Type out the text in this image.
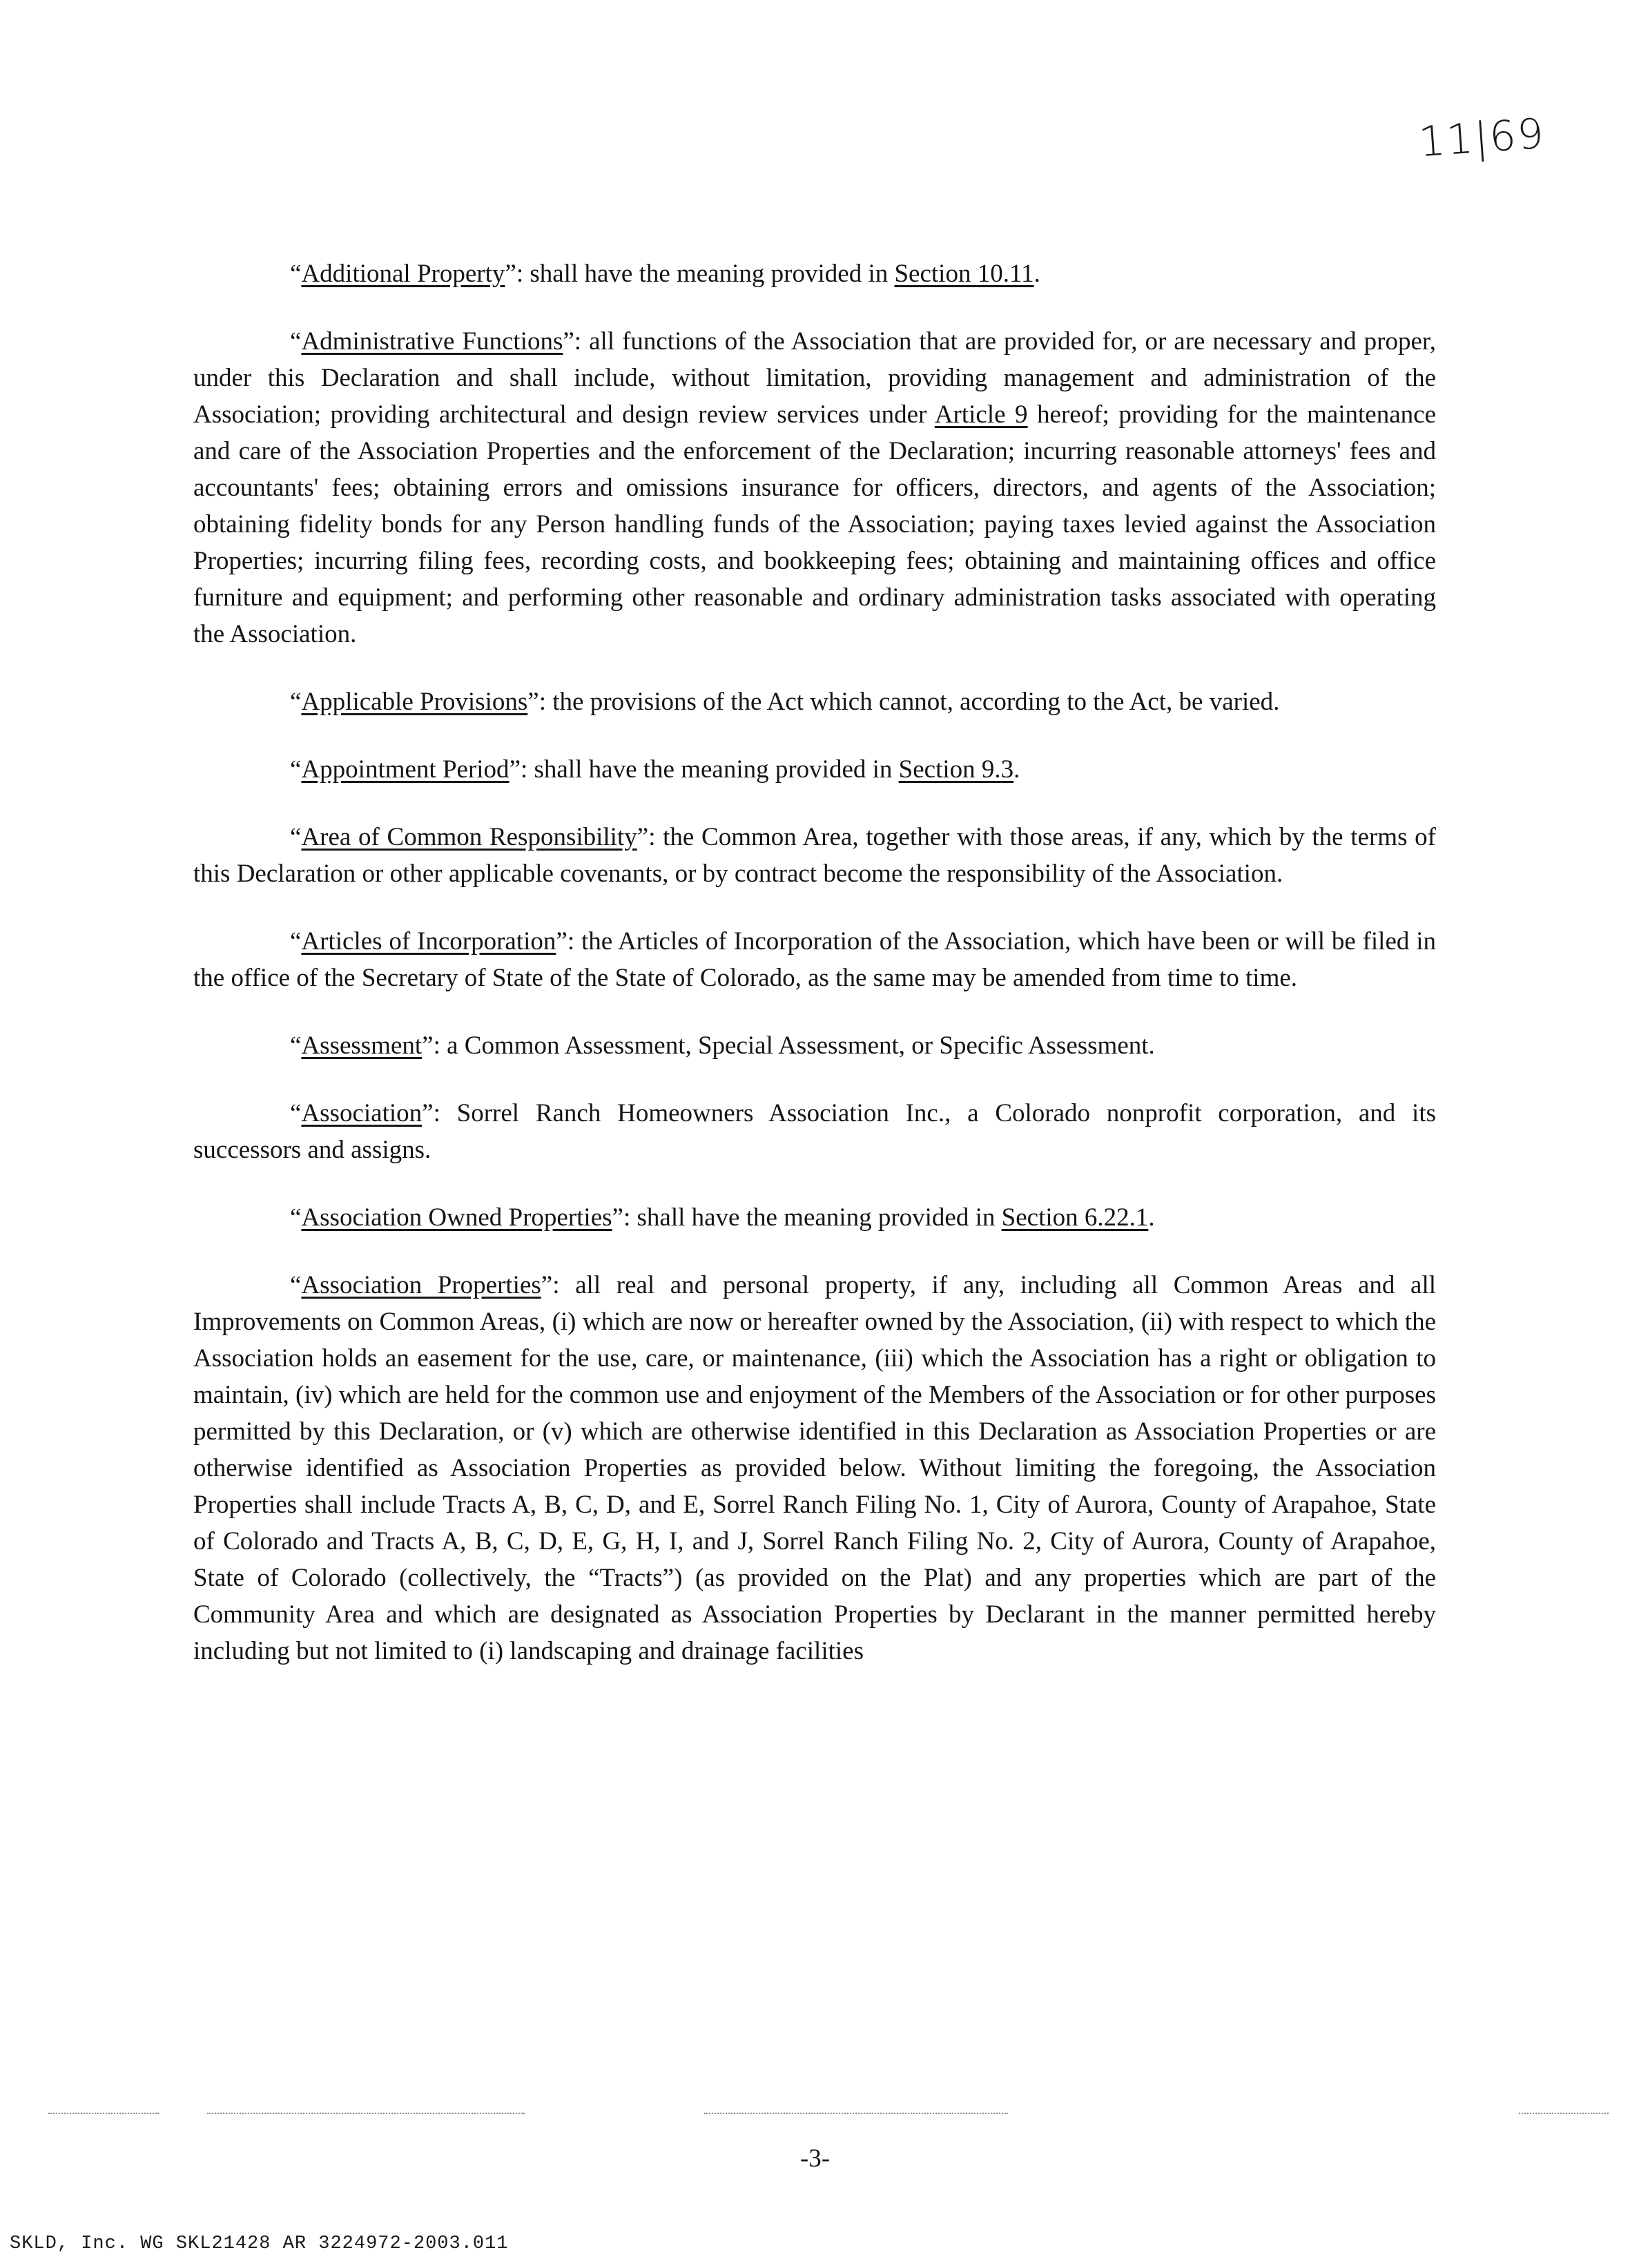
11|69

“Additional Property”: shall have the meaning provided in Section 10.11.

“Administrative Functions”: all functions of the Association that are provided for, or are necessary and proper, under this Declaration and shall include, without limitation, providing management and administration of the Association; providing architectural and design review services under Article 9 hereof; providing for the maintenance and care of the Association Properties and the enforcement of the Declaration; incurring reasonable attorneys' fees and accountants' fees; obtaining errors and omissions insurance for officers, directors, and agents of the Association; obtaining fidelity bonds for any Person handling funds of the Association; paying taxes levied against the Association Properties; incurring filing fees, recording costs, and bookkeeping fees; obtaining and maintaining offices and office furniture and equipment; and performing other reasonable and ordinary administration tasks associated with operating the Association.

“Applicable Provisions”: the provisions of the Act which cannot, according to the Act, be varied.

“Appointment Period”: shall have the meaning provided in Section 9.3.

“Area of Common Responsibility”: the Common Area, together with those areas, if any, which by the terms of this Declaration or other applicable covenants, or by contract become the responsibility of the Association.

“Articles of Incorporation”: the Articles of Incorporation of the Association, which have been or will be filed in the office of the Secretary of State of the State of Colorado, as the same may be amended from time to time.

“Assessment”: a Common Assessment, Special Assessment, or Specific Assessment.

“Association”: Sorrel Ranch Homeowners Association Inc., a Colorado nonprofit corporation, and its successors and assigns.

“Association Owned Properties”: shall have the meaning provided in Section 6.22.1.

“Association Properties”: all real and personal property, if any, including all Common Areas and all Improvements on Common Areas, (i) which are now or hereafter owned by the Association, (ii) with respect to which the Association holds an easement for the use, care, or maintenance, (iii) which the Association has a right or obligation to maintain, (iv) which are held for the common use and enjoyment of the Members of the Association or for other purposes permitted by this Declaration, or (v) which are otherwise identified in this Declaration as Association Properties or are otherwise identified as Association Properties as provided below. Without limiting the foregoing, the Association Properties shall include Tracts A, B, C, D, and E, Sorrel Ranch Filing No. 1, City of Aurora, County of Arapahoe, State of Colorado and Tracts A, B, C, D, E, G, H, I, and J, Sorrel Ranch Filing No. 2, City of Aurora, County of Arapahoe, State of Colorado (collectively, the “Tracts”) (as provided on the Plat) and any properties which are part of the Community Area and which are designated as Association Properties by Declarant in the manner permitted hereby including but not limited to (i) landscaping and drainage facilities

-3-
SKLD, Inc. WG SKL21428 AR 3224972-2003.011
